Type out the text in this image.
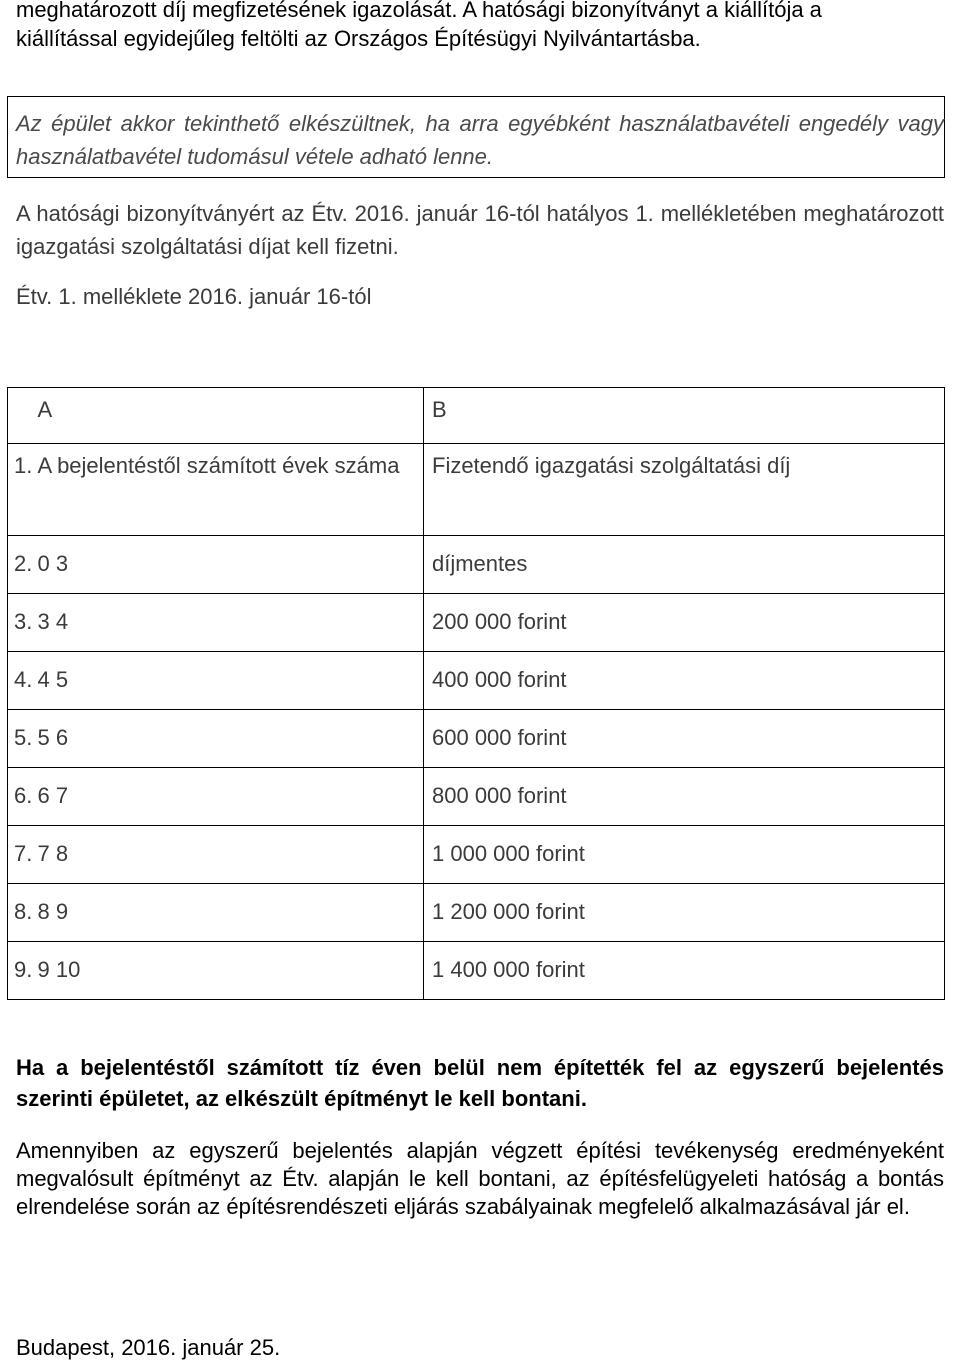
meghatározott díj megfizetésének igazolását. A hatósági bizonyítványt a kiállítója a
kiállítással egyidejűleg feltölti az Országos Építésügyi Nyilvántartásba.
Az épület akkor tekinthető elkészültnek, ha arra egyébként használatbavételi engedély vagy használatbavétel tudomásul vétele adható lenne.
A hatósági bizonyítványért az Étv. 2016. január 16-tól hatályos 1. mellékletében meghatározott igazgatási szolgáltatási díjat kell fizetni.
Étv. 1. melléklete 2016. január 16-tól
	A	B
1.	A bejelentéstől számított évek száma	Fizetendő igazgatási szolgáltatási díj
2.	0 3	díjmentes
3.	3 4	200 000 forint
4.	4 5	400 000 forint
5.	5 6	600 000 forint
6.	6 7	800 000 forint
7.	7 8	1 000 000 forint
8.	8 9	1 200 000 forint
9.	9 10	1 400 000 forint
Ha a bejelentéstől számított tíz éven belül nem építették fel az egyszerű bejelentés szerinti épületet, az elkészült építményt le kell bontani.
Amennyiben az egyszerű bejelentés alapján végzett építési tevékenység eredményeként megvalósult építményt az Étv. alapján le kell bontani, az építésfelügyeleti hatóság a bontás elrendelése során az építésrendészeti eljárás szabályainak megfelelő alkalmazásával jár el.
Budapest, 2016. január 25.
